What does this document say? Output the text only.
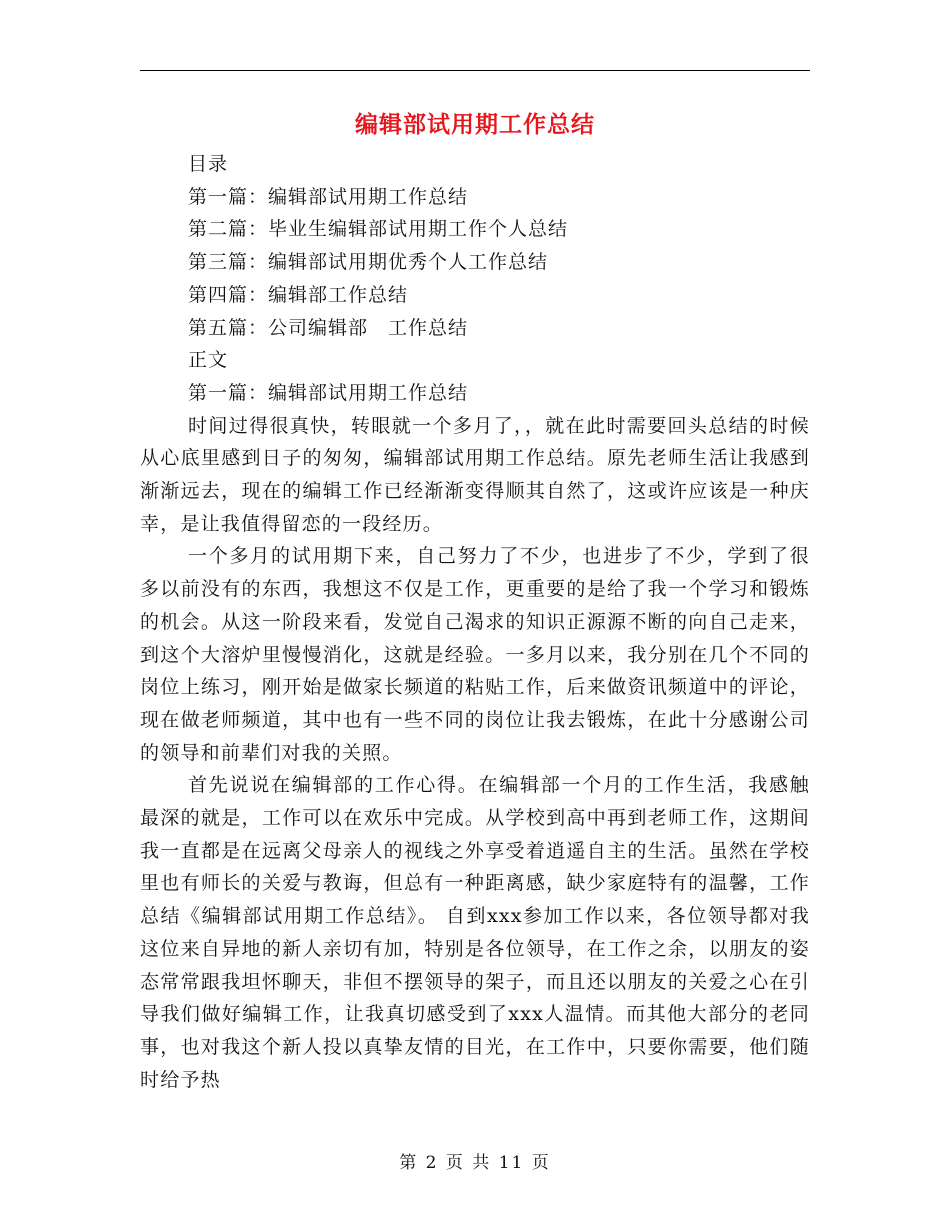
编辑部试用期工作总结

目录

第一篇：编辑部试用期工作总结

第二篇：毕业生编辑部试用期工作个人总结

第三篇：编辑部试用期优秀个人工作总结

第四篇：编辑部工作总结

第五篇：公司编辑部　工作总结

正文

第一篇：编辑部试用期工作总结

时间过得很真快，转眼就一个多月了，，就在此时需要回头总结的时候从心底里感到日子的匆匆，编辑部试用期工作总结。原先老师生活让我感到渐渐远去，现在的编辑工作已经渐渐变得顺其自然了，这或许应该是一种庆幸，是让我值得留恋的一段经历。

一个多月的试用期下来，自己努力了不少，也进步了不少，学到了很多以前没有的东西，我想这不仅是工作，更重要的是给了我一个学习和锻炼的机会。从这一阶段来看，发觉自己渴求的知识正源源不断的向自己走来，到这个大溶炉里慢慢消化，这就是经验。一多月以来，我分别在几个不同的岗位上练习，刚开始是做家长频道的粘贴工作，后来做资讯频道中的评论，现在做老师频道，其中也有一些不同的岗位让我去锻炼，在此十分感谢公司的领导和前辈们对我的关照。

首先说说在编辑部的工作心得。在编辑部一个月的工作生活，我感触最深的就是，工作可以在欢乐中完成。从学校到高中再到老师工作，这期间我一直都是在远离父母亲人的视线之外享受着逍遥自主的生活。虽然在学校里也有师长的关爱与教诲，但总有一种距离感，缺少家庭特有的温馨，工作总结《编辑部试用期工作总结》。 自到xxx参加工作以来，各位领导都对我这位来自异地的新人亲切有加，特别是各位领导，在工作之余，以朋友的姿态常常跟我坦怀聊天，非但不摆领导的架子，而且还以朋友的关爱之心在引导我们做好编辑工作，让我真切感受到了xxx人温情。而其他大部分的老同事，也对我这个新人投以真挚友情的目光，在工作中，只要你需要，他们随时给予热

第 2 页 共 11 页
